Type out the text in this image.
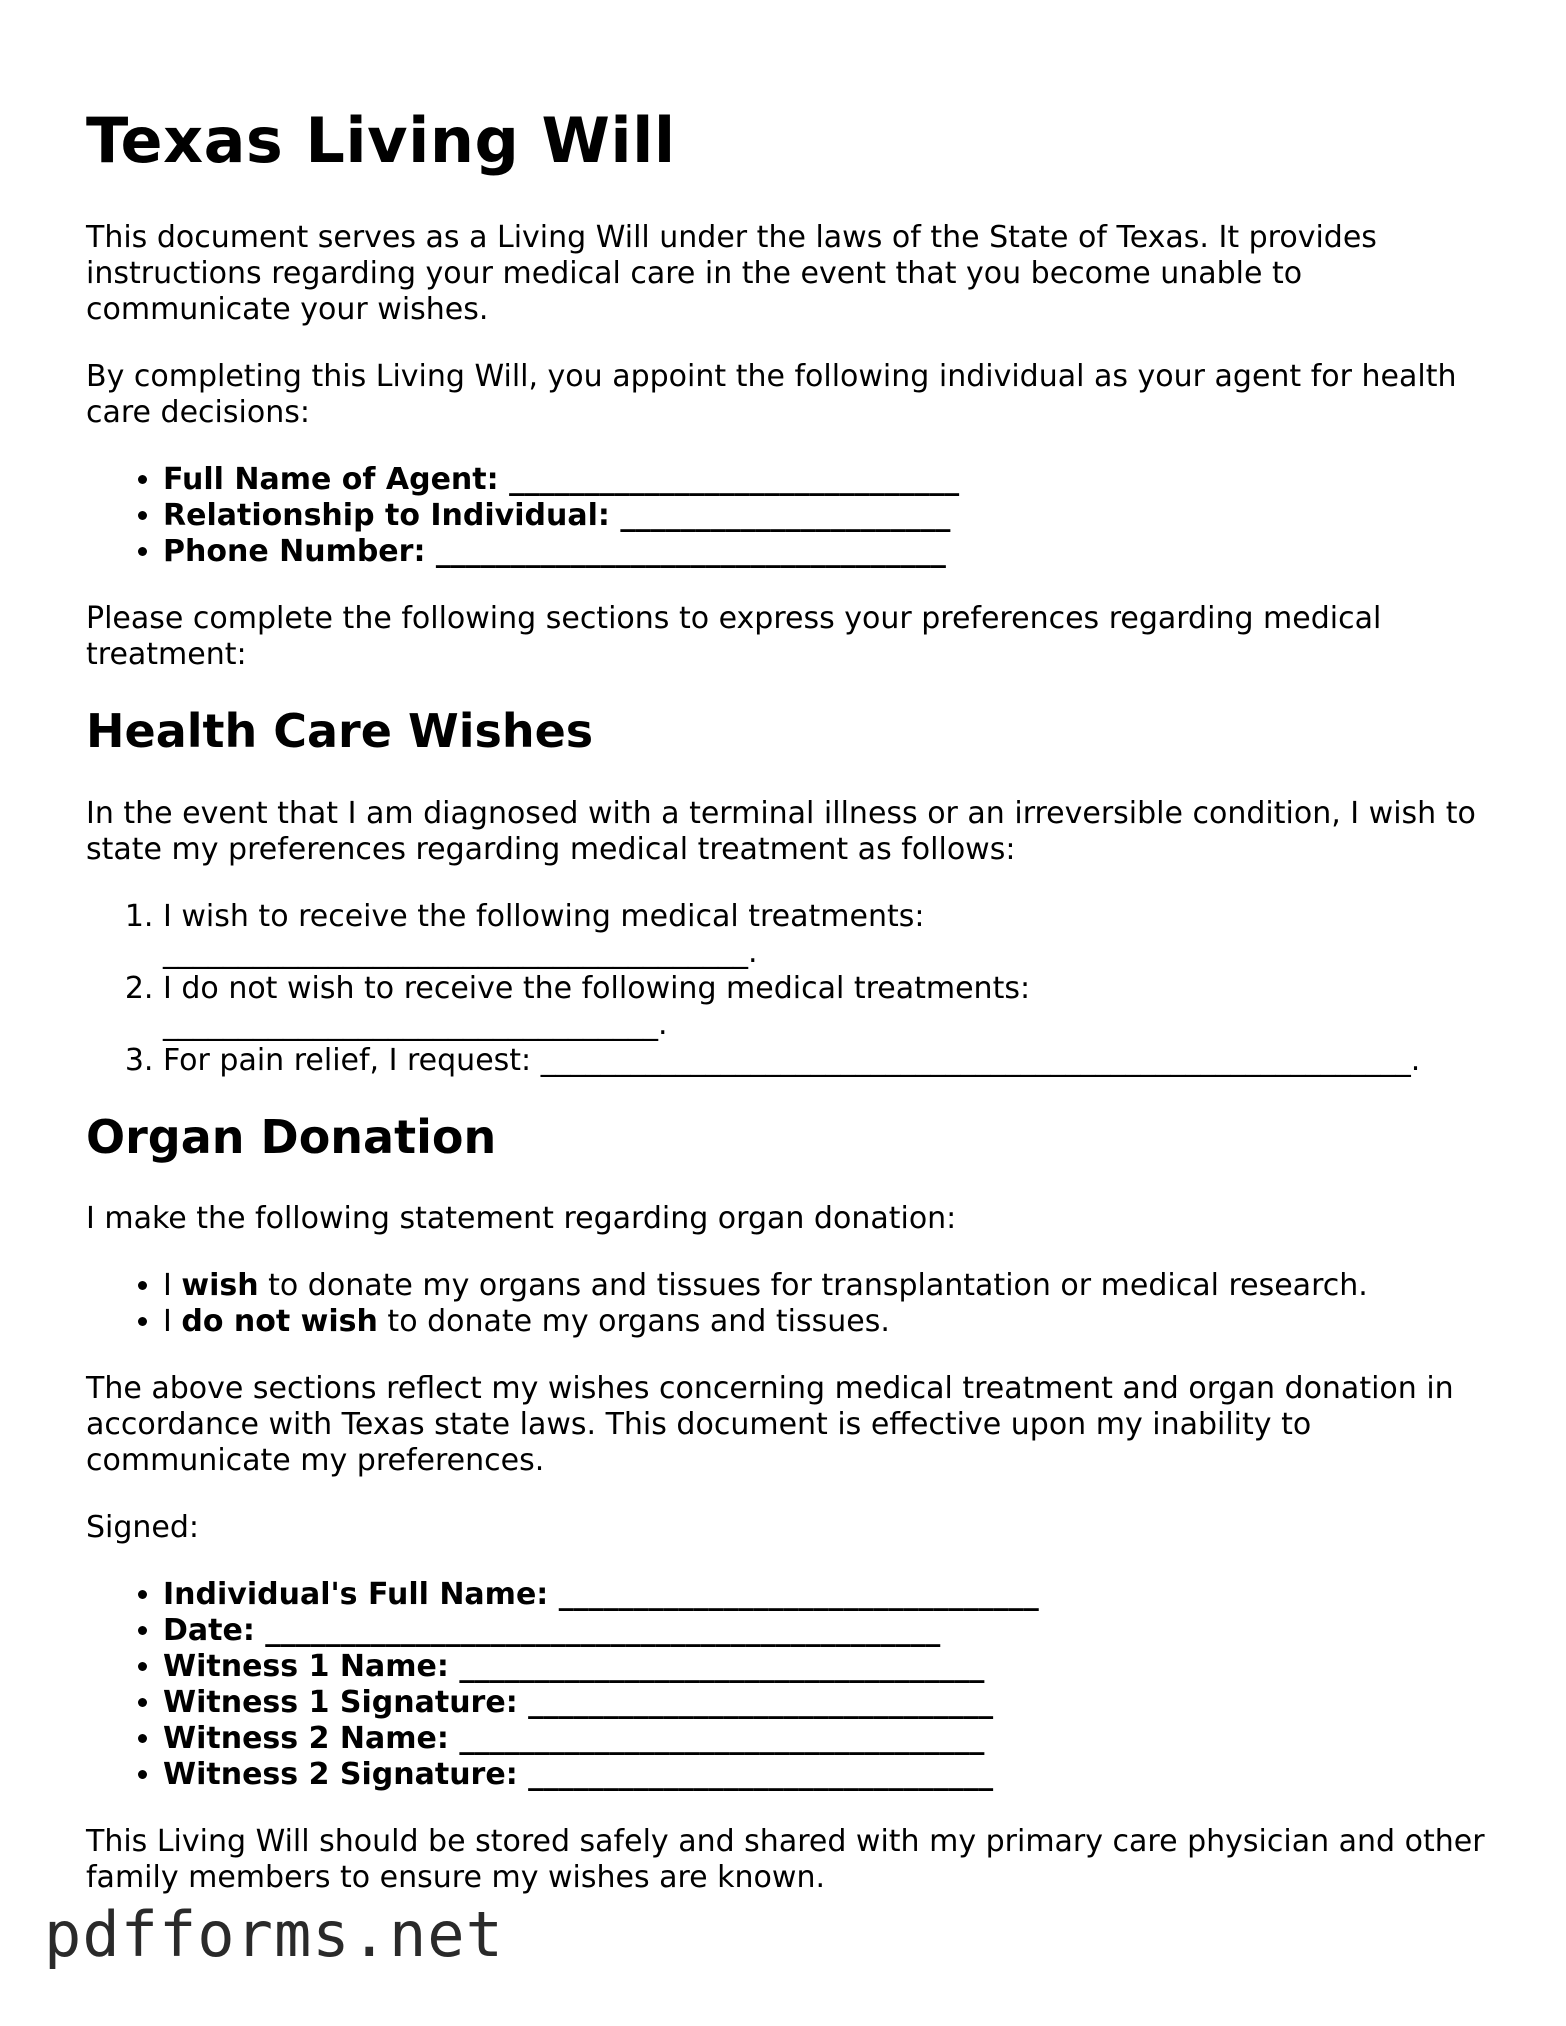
Texas Living Will

This document serves as a Living Will under the laws of the State of Texas. It provides instructions regarding your medical care in the event that you become unable to communicate your wishes.

By completing this Living Will, you appoint the following individual as your agent for health care decisions:

• Full Name of Agent: ______________________________
• Relationship to Individual: ______________________
• Phone Number: __________________________________

Please complete the following sections to express your preferences regarding medical treatment:

Health Care Wishes

In the event that I am diagnosed with a terminal illness or an irreversible condition, I wish to state my preferences regarding medical treatment as follows:

1. I wish to receive the following medical treatments: _______________________________________.
2. I do not wish to receive the following medical treatments: _________________________________.
3. For pain relief, I request: __________________________________________________________.
Organ Donation

I make the following statement regarding organ donation:

• I wish to donate my organs and tissues for transplantation or medical research.
• I do not wish to donate my organs and tissues.

The above sections reflect my wishes concerning medical treatment and organ donation in accordance with Texas state laws. This document is effective upon my inability to communicate my preferences.

Signed:

• Individual's Full Name: ________________________________
• Date: _____________________________________________
• Witness 1 Name: ___________________________________
• Witness 1 Signature: _______________________________
• Witness 2 Name: ___________________________________
• Witness 2 Signature: _______________________________

This Living Will should be stored safely and shared with my primary care physician and other family members to ensure my wishes are known.

pdfforms.net
